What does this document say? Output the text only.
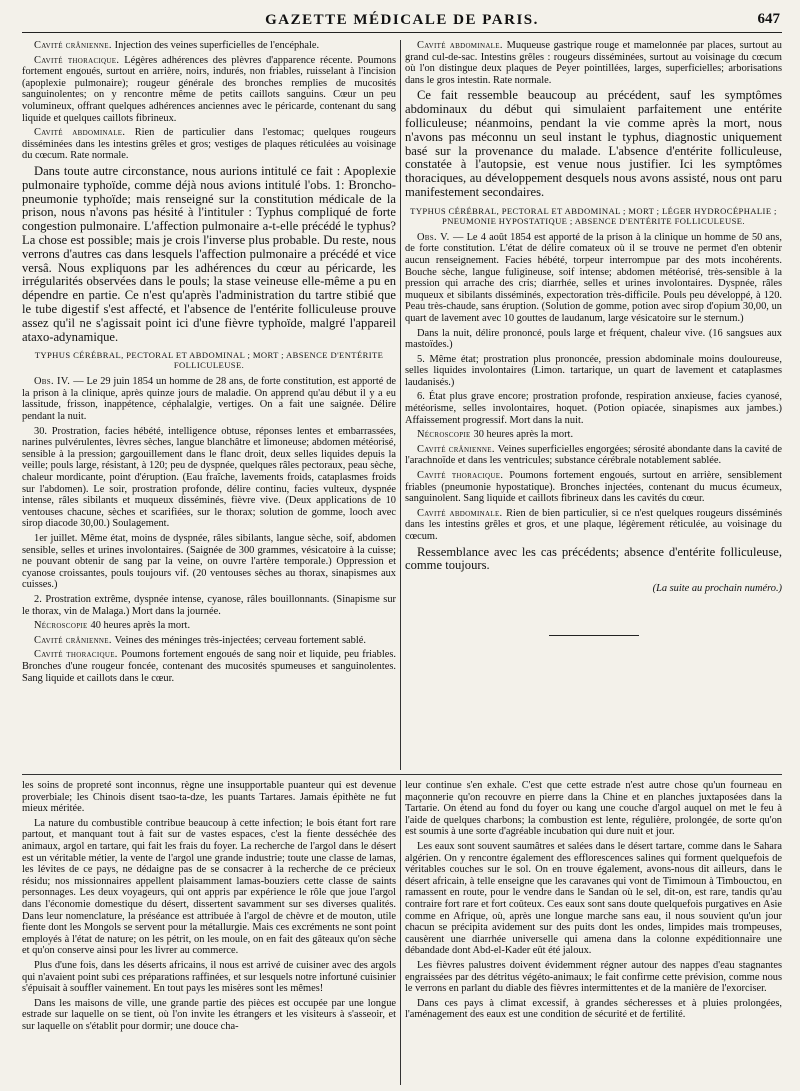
GAZETTE MÉDICALE DE PARIS.	647

Cavité crânienne. Injection des veines superficielles de l'encéphale.

Cavité thoracique. Légères adhérences des plèvres d'apparence récente. Poumons fortement engoués, surtout en arrière, noirs, indurés, non friables, ruisselant à l'incision (apoplexie pulmonaire); rougeur générale des bronches remplies de mucosités sanguinolentes; on y rencontre même de petits caillots sanguins. Cœur un peu volumineux, offrant quelques adhérences anciennes avec le péricarde, contenant du sang liquide et quelques caillots fibrineux.

Cavité abdominale. Rien de particulier dans l'estomac; quelques rougeurs disséminées dans les intestins grêles et gros; vestiges de plaques réticulées au voisinage du cœcum. Rate normale.

Dans toute autre circonstance, nous aurions intitulé ce fait : Apoplexie pulmonaire typhoïde, comme déjà nous avions intitulé l'obs. 1: Broncho-pneumonie typhoïde; mais renseigné sur la constitution médicale de la prison, nous n'avons pas hésité à l'intituler : Typhus compliqué de forte congestion pulmonaire. L'affection pulmonaire a-t-elle précédé le typhus? La chose est possible; mais je crois l'inverse plus probable. Du reste, nous verrons d'autres cas dans lesquels l'affection pulmonaire a précédé et vice versâ. Nous expliquons par les adhérences du cœur au péricarde, les irrégularités observées dans le pouls; la stase veineuse elle-même a pu en dépendre en partie. Ce n'est qu'après l'administration du tartre stibié que le tube digestif s'est affecté, et l'absence de l'entérite folliculeuse prouve assez qu'il ne s'agissait point ici d'une fièvre typhoïde, malgré l'appareil ataxo-adynamique.

TYPHUS CÉRÉBRAL, PECTORAL ET ABDOMINAL ; MORT ; ABSENCE D'ENTÉRITE FOLLICULEUSE.

Obs. IV. — Le 29 juin 1854 un homme de 28 ans, de forte constitution, est apporté de la prison à la clinique, après quinze jours de maladie. On apprend qu'au début il y a eu lassitude, frisson, inappétence, céphalalgie, vertiges. On a fait une saignée. Délire pendant la nuit.

30. Prostration, facies hébété, intelligence obtuse, réponses lentes et embarrassées, narines pulvérulentes, lèvres sèches, langue blanchâtre et limoneuse; abdomen météorisé, sensible à la pression; gargouillement dans le flanc droit, deux selles liquides depuis la veille; pouls large, résistant, à 120; peu de dyspnée, quelques râles pectoraux, peau sèche, chaleur mordicante, point d'éruption. (Eau fraîche, lavements froids, cataplasmes froids sur l'abdomen). Le soir, prostration profonde, délire continu, facies vulteux, dyspnée intense, râles sibilants et muqueux disséminés, fièvre vive. (Deux applications de 10 ventouses chacune, sèches et scarifiées, sur le thorax; solution de gomme, looch avec sirop diacode 30,00.) Soulagement.

1er juillet. Même état, moins de dyspnée, râles sibilants, langue sèche, soif, abdomen sensible, selles et urines involontaires. (Saignée de 300 grammes, vésicatoire à la cuisse; ne pouvant obtenir de sang par la veine, on ouvre l'artère temporale.) Oppression et cyanose croissantes, pouls toujours vif. (20 ventouses sèches au thorax, sinapismes aux cuisses.)

2. Prostration extrême, dyspnée intense, cyanose, râles bouillonnants. (Sinapisme sur le thorax, vin de Malaga.) Mort dans la journée.

Nécroscopie 40 heures après la mort.

Cavité crânienne. Veines des méninges très-injectées; cerveau fortement sablé.

Cavité thoracique. Poumons fortement engoués de sang noir et liquide, peu friables. Bronches d'une rougeur foncée, contenant des mucosités spumeuses et sanguinolentes. Sang liquide et caillots dans le cœur.

Cavité abdominale. Muqueuse gastrique rouge et mamelonnée par places, surtout au grand cul-de-sac. Intestins grêles : rougeurs disséminées, surtout au voisinage du cœcum où l'on distingue deux plaques de Peyer pointillées, larges, superficielles; arborisations dans le gros intestin. Rate normale.

Ce fait ressemble beaucoup au précédent, sauf les symptômes abdominaux du début qui simulaient parfaitement une entérite folliculeuse; néanmoins, pendant la vie comme après la mort, nous n'avons pas méconnu un seul instant le typhus, diagnostic uniquement basé sur la provenance du malade. L'absence d'entérite folliculeuse, constatée à l'autopsie, est venue nous justifier. Ici les symptômes thoraciques, au développement desquels nous avons assisté, nous ont paru manifestement secondaires.

TYPHUS CÉRÉBRAL, PECTORAL ET ABDOMINAL ; MORT ; LÉGER HYDROCÉPHALIE ; PNEUMONIE HYPOSTATIQUE ; ABSENCE D'ENTÉRITE FOLLICULEUSE.

Obs. V. — Le 4 août 1854 est apporté de la prison à la clinique un homme de 50 ans, de forte constitution. L'état de délire comateux où il se trouve ne permet d'en obtenir aucun renseignement. Facies hébété, torpeur interrompue par des mots incohérents. Bouche sèche, langue fuligineuse, soif intense; abdomen météorisé, très-sensible à la pression qui arrache des cris; diarrhée, selles et urines involontaires. Dyspnée, râles muqueux et sibilants disséminés, expectoration très-difficile. Pouls peu développé, à 120. Peau très-chaude, sans éruption. (Solution de gomme, potion avec sirop d'opium 30,00, un quart de lavement avec 10 gouttes de laudanum, large vésicatoire sur le sternum.)

Dans la nuit, délire prononcé, pouls large et fréquent, chaleur vive. (16 sangsues aux mastoïdes.)

5. Même état; prostration plus prononcée, pression abdominale moins douloureuse, selles liquides involontaires (Limon. tartarique, un quart de lavement et cataplasmes laudanisés.)

6. État plus grave encore; prostration profonde, respiration anxieuse, facies cyanosé, météorisme, selles involontaires, hoquet. (Potion opiacée, sinapismes aux jambes.) Affaissement progressif. Mort dans la nuit.

Nécroscopie 30 heures après la mort.

Cavité crânienne. Veines superficielles engorgées; sérosité abondante dans la cavité de l'arachnoïde et dans les ventricules; substance cérébrale notablement sablée.

Cavité thoracique. Poumons fortement engoués, surtout en arrière, sensiblement friables (pneumonie hypostatique). Bronches injectées, contenant du mucus écumeux, sanguinolent. Sang liquide et caillots fibrineux dans les cavités du cœur.

Cavité abdominale. Rien de bien particulier, si ce n'est quelques rougeurs disséminés dans les intestins grêles et gros, et une plaque, légèrement réticulée, au voisinage du cœcum.

Ressemblance avec les cas précédents; absence d'entérite folliculeuse, comme toujours.

(La suite au prochain numéro.)

les soins de propreté sont inconnus, règne une insupportable puanteur qui est devenue proverbiale; les Chinois disent tsao-ta-dze, les puants Tartares. Jamais épithète ne fut mieux méritée.

La nature du combustible contribue beaucoup à cette infection; le bois étant fort rare partout, et manquant tout à fait sur de vastes espaces, c'est la fiente desséchée des animaux, argol en tartare, qui fait les frais du foyer. La recherche de l'argol dans le désert est un véritable métier, la vente de l'argol une grande industrie; toute une classe de lamas, les lévites de ce pays, ne dédaigne pas de se consacrer à la recherche de ce précieux résidu; nos missionnaires appellent plaisamment lamas-bouziers cette classe de saints personnages. Les deux voyageurs, qui ont appris par expérience le rôle que joue l'argol dans l'économie domestique du désert, dissertent savamment sur ses diverses qualités. Dans leur nomenclature, la préséance est attribuée à l'argol de chèvre et de mouton, utile fiente dont les Mongols se servent pour la métallurgie. Mais ces excréments ne sont point employés à l'état de nature; on les pétrit, on les moule, on en fait des gâteaux qu'on sèche et qu'on conserve ainsi pour les livrer au commerce.

Plus d'une fois, dans les déserts africains, il nous est arrivé de cuisiner avec des argols qui n'avaient point subi ces préparations raffinées, et sur lesquels notre infortuné cuisinier s'épuisait à souffler vainement. En tout pays les misères sont les mêmes!

Dans les maisons de ville, une grande partie des pièces est occupée par une longue estrade sur laquelle on se tient, où l'on invite les étrangers et les visiteurs à s'asseoir, et sur laquelle on s'établit pour dormir; une douce cha-

leur continue s'en exhale. C'est que cette estrade n'est autre chose qu'un fourneau en maçonnerie qu'on recouvre en pierre dans la Chine et en planches juxtaposées dans la Tartarie. On étend au fond du foyer ou kang une couche d'argol auquel on met le feu à l'aide de quelques charbons; la combustion est lente, régulière, prolongée, de sorte qu'on est soumis à une sorte d'agréable incubation qui dure nuit et jour.

Les eaux sont souvent saumâtres et salées dans le désert tartare, comme dans le Sahara algérien. On y rencontre également des efflorescences salines qui forment quelquefois de véritables couches sur le sol. On en trouve également, avons-nous dit ailleurs, dans le désert africain, à telle enseigne que les caravanes qui vont de Timimoun à Timbouctou, en ramassent en route, pour le vendre dans le Sandan où le sel, dit-on, est rare, tandis qu'au contraire fort rare et fort coûteux. Ces eaux sont sans doute quelquefois purgatives en Asie comme en Afrique, où, après une longue marche sans eau, il nous souvient qu'un jour chacun se précipita avidement sur des puits dont les ondes, limpides mais trompeuses, causèrent une diarrhée universelle qui amena dans la colonne expéditionnaire une débandade dont Abd-el-Kader eût été jaloux.

Les fièvres palustres doivent évidemment régner autour des nappes d'eau stagnantes engraissées par des détritus végéto-animaux; le fait confirme cette prévision, comme nous le verrons en parlant du diable des fièvres intermittentes et de la manière de l'exorciser.

Dans ces pays à climat excessif, à grandes sécheresses et à pluies prolongées, l'aménagement des eaux est une condition de sécurité et de fertilité.
